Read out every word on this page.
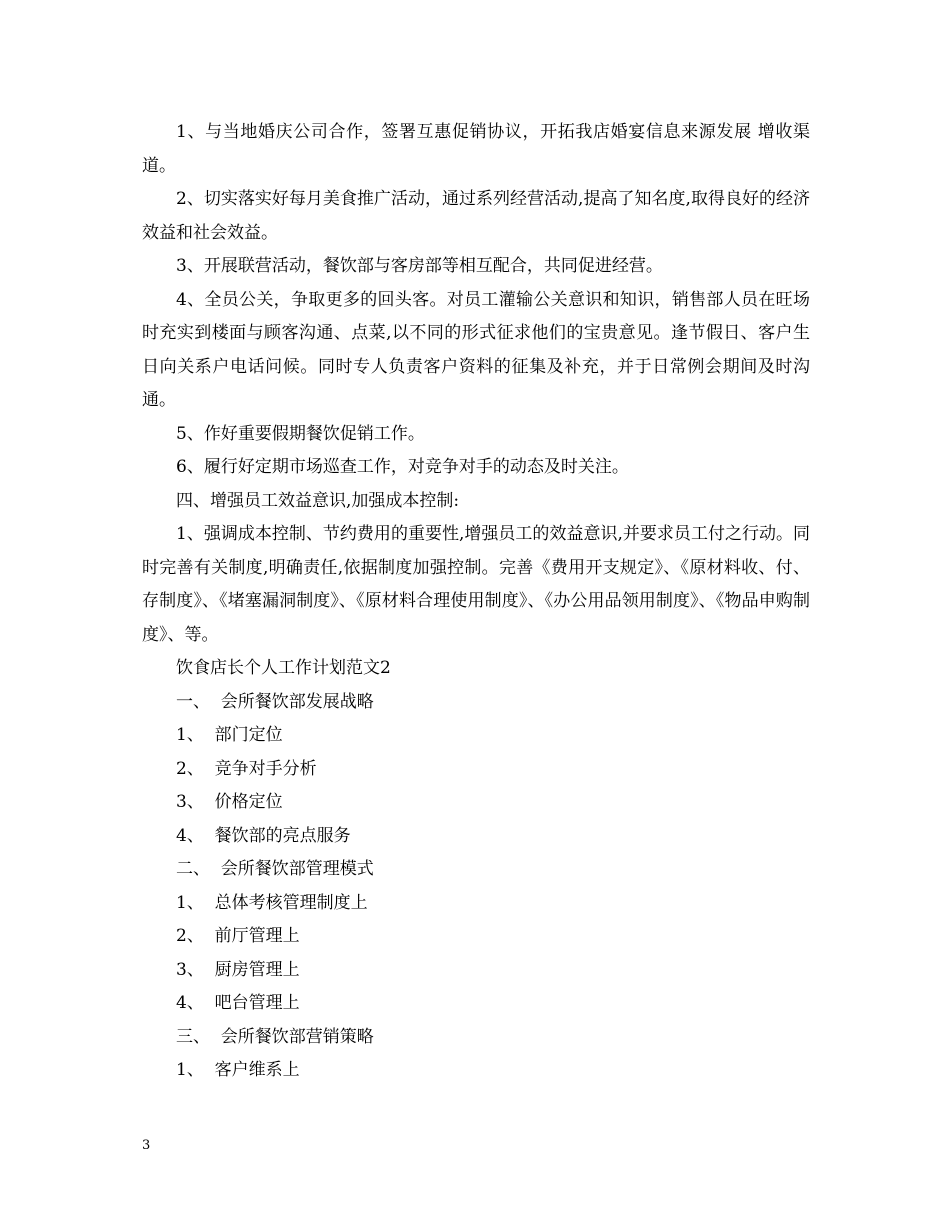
1、与当地婚庆公司合作，签署互惠促销协议，开拓我店婚宴信息来源发展 增收渠道。

2、切实落实好每月美食推广活动，通过系列经营活动,提高了知名度,取得良好的经济效益和社会效益。

3、开展联营活动，餐饮部与客房部等相互配合，共同促进经营。

4、全员公关，争取更多的回头客。对员工灌输公关意识和知识，销售部人员在旺场时充实到楼面与顾客沟通、点菜,以不同的形式征求他们的宝贵意见。逢节假日、客户生日向关系户电话问候。同时专人负责客户资料的征集及补充，并于日常例会期间及时沟通。

5、作好重要假期餐饮促销工作。

6、履行好定期市场巡查工作，对竞争对手的动态及时关注。

四、增强员工效益意识,加强成本控制:

1、强调成本控制、节约费用的重要性,增强员工的效益意识,并要求员工付之行动。同时完善有关制度,明确责任,依据制度加强控制。完善《费用开支规定》、《原材料收、付、存制度》、《堵塞漏洞制度》、《原材料合理使用制度》、《办公用品领用制度》、《物品申购制度》、等。

饮食店长个人工作计划范文2

一、  会所餐饮部发展战略

1、  部门定位

2、  竞争对手分析

3、  价格定位

4、  餐饮部的亮点服务

二、  会所餐饮部管理模式

1、  总体考核管理制度上

2、  前厅管理上

3、  厨房管理上

4、  吧台管理上

三、  会所餐饮部营销策略

1、  客户维系上

3
